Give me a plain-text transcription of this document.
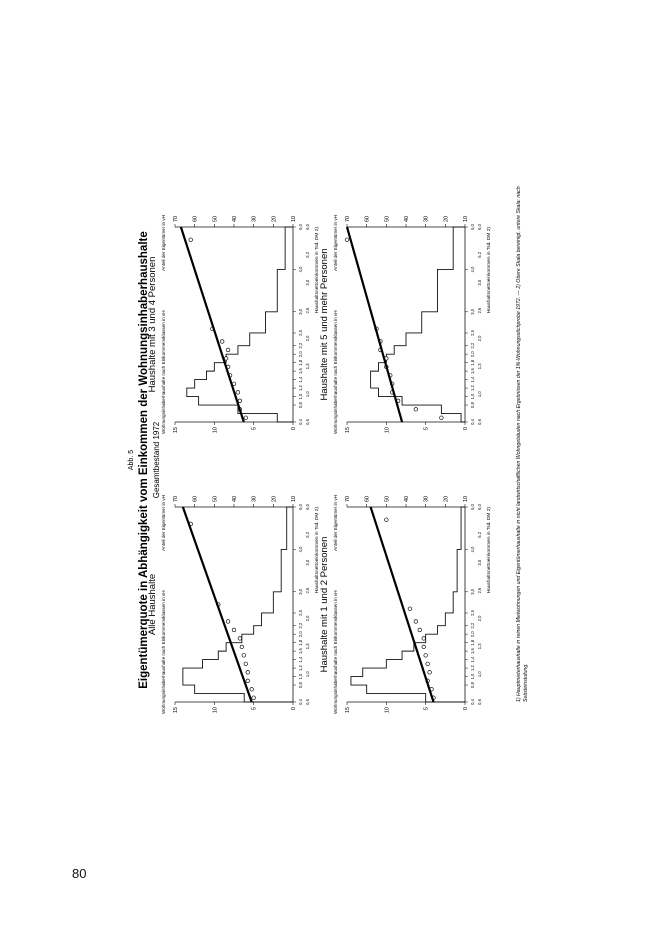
80
Abb. 5 Eigentümerquote in Abhängigkeit vom Einkommen der Wohnungsinhaberhaushalte Gesamtbestand 1972
Alle Haushalte Wohnungsinhaberhaushalte nach Einkommensklassen in vH
Anteil der Eigentümer in vH
0
5
10
15
10
20
30
40
50
60
70
0,4
0,8
1,0
1,2
1,4
1,6
1,8
2,0
2,2
2,5
3,0
4,0
5,0
0,6
1,0
1,3
2,0
2,6
3,0
5,2
6,0 Haushaltsnettoeinkommen in Tsd. DM 2)
Haushalte mit 3 und 4 Personen Wohnungsinhaberhaushalte nach Einkommensklassen in vH
Anteil der Eigentümer in vH
0
5
10
15
10
20
30
40
50
60
70
0,4
0,8
1,0
1,2
1,4
1,6
1,8
2,0
2,2
2,5
3,0
4,0
5,0
0,6
1,0
1,3
2,0
2,6
3,0
5,2
6,0 Haushaltsnettoeinkommen in Tsd. DM 2)
Haushalte mit 1 und 2 Personen Wohnungsinhaberhaushalte nach Einkommensklassen in vH
Anteil der Eigentümer in vH
0
5
10
15
10
20
30
40
50
60
70
0,4
0,8
1,0
1,2
1,4
1,6
1,8
2,0
2,2
2,5
3,0
4,0
5,0
0,6
1,0
1,3
2,0
2,6
3,0
5,2
6,0 Haushaltsnettoeinkommen in Tsd. DM 2)
Haushalte mit 5 und mehr Personen Wohnungsinhaberhaushalte nach Einkommensklassen in vH
Anteil der Eigentümer in vH
0
5
10
15
10
20
30
40
50
60
70
0,4
0,8
1,0
1,2
1,4
1,6
1,8
2,0
2,2
2,5
3,0
4,0
5,0
0,6
1,0
1,3
2,0
2,6
3,0
5,2
6,0 Haushaltsnettoeinkommen in Tsd. DM 2)	1) Hauptmieterhaushalte in reinen Mietwohnungen und Eigentümerhaushalte in nicht landwirtschaftlichen Wohngebäuden nach Ergebnissen der 1%-Wohnungsstichprobe 1972. — 2) Obere Skala bereinigt, untere Skala: nach Sebsteinstufung.
